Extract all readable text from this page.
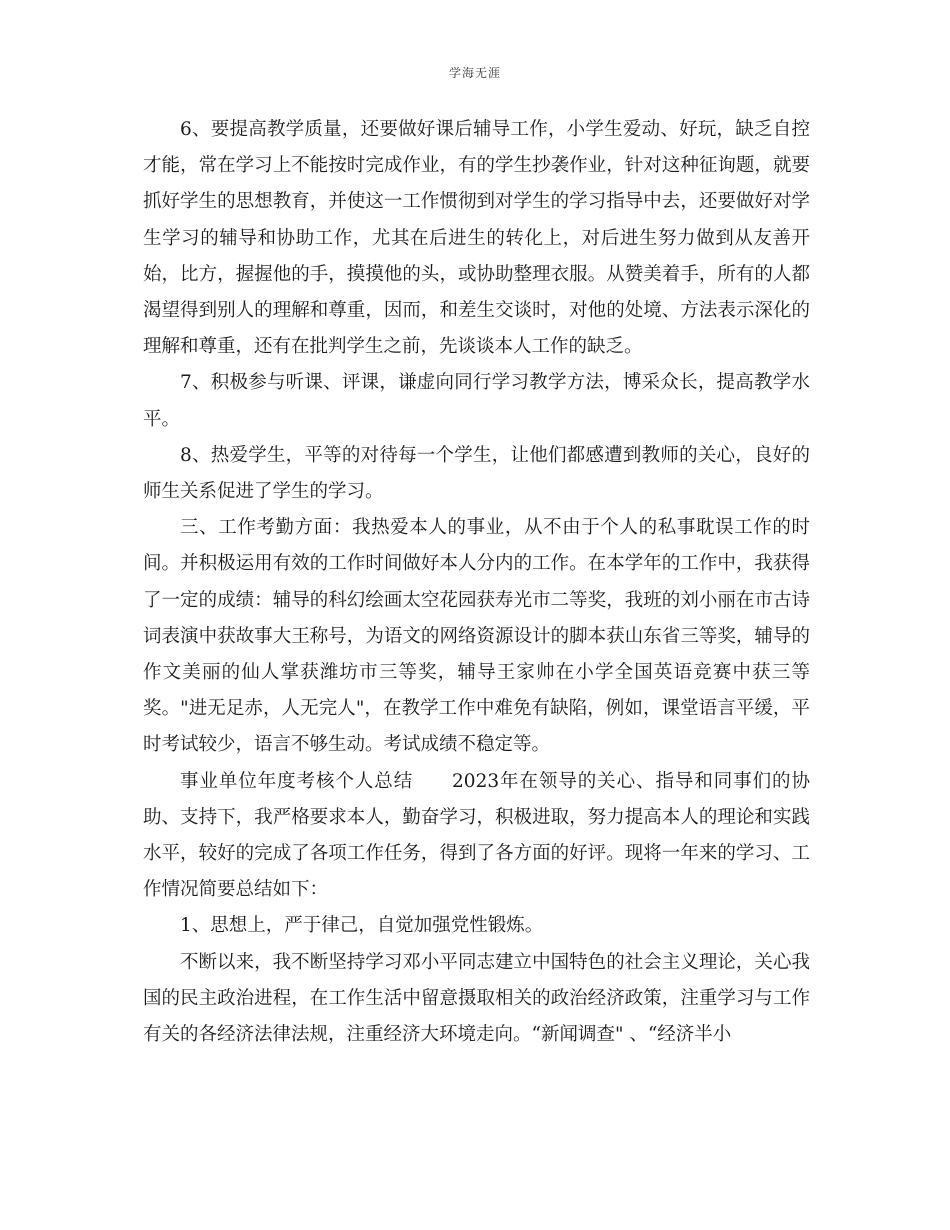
学海无涯

6、要提高教学质量，还要做好课后辅导工作，小学生爱动、好玩，缺乏自控才能，常在学习上不能按时完成作业，有的学生抄袭作业，针对这种征询题，就要抓好学生的思想教育，并使这一工作惯彻到对学生的学习指导中去，还要做好对学生学习的辅导和协助工作，尤其在后进生的转化上，对后进生努力做到从友善开始，比方，握握他的手，摸摸他的头，或协助整理衣服。从赞美着手，所有的人都渴望得到别人的理解和尊重，因而，和差生交谈时，对他的处境、方法表示深化的理解和尊重，还有在批判学生之前，先谈谈本人工作的缺乏。

7、积极参与听课、评课，谦虚向同行学习教学方法，博采众长，提高教学水平。

8、热爱学生，平等的对待每一个学生，让他们都感遭到教师的关心，良好的师生关系促进了学生的学习。

三、工作考勤方面：我热爱本人的事业，从不由于个人的私事耽误工作的时间。并积极运用有效的工作时间做好本人分内的工作。在本学年的工作中，我获得了一定的成绩：辅导的科幻绘画太空花园获寿光市二等奖，我班的刘小丽在市古诗词表演中获故事大王称号，为语文的网络资源设计的脚本获山东省三等奖，辅导的作文美丽的仙人掌获潍坊市三等奖，辅导王家帅在小学全国英语竞赛中获三等奖。"进无足赤，人无完人"，在教学工作中难免有缺陷，例如，课堂语言平缓，平时考试较少，语言不够生动。考试成绩不稳定等。

事业单位年度考核个人总结　　2023年在领导的关心、指导和同事们的协助、支持下，我严格要求本人，勤奋学习，积极进取，努力提高本人的理论和实践水平，较好的完成了各项工作任务，得到了各方面的好评。现将一年来的学习、工作情况简要总结如下：

1、思想上，严于律己，自觉加强党性锻炼。

不断以来，我不断坚持学习邓小平同志建立中国特色的社会主义理论，关心我国的民主政治进程，在工作生活中留意摄取相关的政治经济政策，注重学习与工作有关的各经济法律法规，注重经济大环境走向。“新闻调查" 、“经济半小
